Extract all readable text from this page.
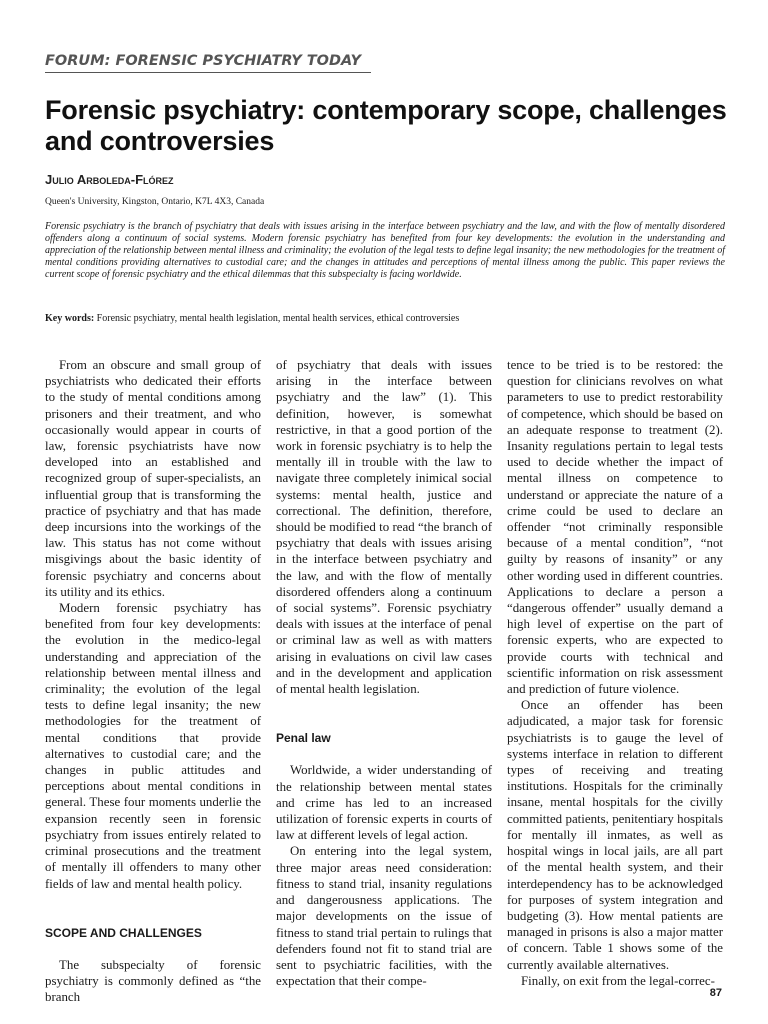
FORUM: FORENSIC PSYCHIATRY TODAY
Forensic psychiatry: contemporary scope, challenges and controversies
Julio Arboleda-Flórez
Queen's University, Kingston, Ontario, K7L 4X3, Canada

Forensic psychiatry is the branch of psychiatry that deals with issues arising in the interface between psychiatry and the law, and with the flow of mentally disordered offenders along a continuum of social systems. Modern forensic psychiatry has benefited from four key developments: the evolution in the understanding and appreciation of the relationship between mental illness and criminality; the evolution of the legal tests to define legal insanity; the new methodologies for the treatment of mental conditions providing alternatives to custodial care; and the changes in attitudes and perceptions of mental illness among the public. This paper reviews the current scope of forensic psychiatry and the ethical dilemmas that this subspecialty is facing worldwide.

Key words: Forensic psychiatry, mental health legislation, mental health services, ethical controversies

From an obscure and small group of psychiatrists who dedicated their efforts to the study of mental conditions among prisoners and their treatment, and who occasionally would appear in courts of law, forensic psychiatrists have now developed into an established and recognized group of super-specialists, an influential group that is transforming the practice of psychiatry and that has made deep incursions into the workings of the law. This status has not come without misgivings about the basic identity of forensic psychiatry and concerns about its utility and its ethics.

Modern forensic psychiatry has benefited from four key developments: the evolution in the medico-legal understanding and appreciation of the relationship between mental illness and criminality; the evolution of the legal tests to define legal insanity; the new methodologies for the treatment of mental conditions that provide alternatives to custodial care; and the changes in public attitudes and perceptions about mental conditions in general. These four moments underlie the expansion recently seen in forensic psychiatry from issues entirely related to criminal prosecutions and the treatment of mentally ill offenders to many other fields of law and mental health policy.

SCOPE AND CHALLENGES

The subspecialty of forensic psychiatry is commonly defined as “the branch

of psychiatry that deals with issues arising in the interface between psychiatry and the law” (1). This definition, however, is somewhat restrictive, in that a good portion of the work in forensic psychiatry is to help the mentally ill in trouble with the law to navigate three completely inimical social systems: mental health, justice and correctional. The definition, therefore, should be modified to read “the branch of psychiatry that deals with issues arising in the interface between psychiatry and the law, and with the flow of mentally disordered offenders along a continuum of social systems”. Forensic psychiatry deals with issues at the interface of penal or criminal law as well as with matters arising in evaluations on civil law cases and in the development and application of mental health legislation.

Penal law

Worldwide, a wider understanding of the relationship between mental states and crime has led to an increased utilization of forensic experts in courts of law at different levels of legal action.

On entering into the legal system, three major areas need consideration: fitness to stand trial, insanity regulations and dangerousness applications. The major developments on the issue of fitness to stand trial pertain to rulings that defenders found not fit to stand trial are sent to psychiatric facilities, with the expectation that their compe-

tence to be tried is to be restored: the question for clinicians revolves on what parameters to use to predict restorability of competence, which should be based on an adequate response to treatment (2). Insanity regulations pertain to legal tests used to decide whether the impact of mental illness on competence to understand or appreciate the nature of a crime could be used to declare an offender “not criminally responsible because of a mental condition”, “not guilty by reasons of insanity” or any other wording used in different countries. Applications to declare a person a “dangerous offender” usually demand a high level of expertise on the part of forensic experts, who are expected to provide courts with technical and scientific information on risk assessment and prediction of future violence.

Once an offender has been adjudicated, a major task for forensic psychiatrists is to gauge the level of systems interface in relation to different types of receiving and treating institutions. Hospitals for the criminally insane, mental hospitals for the civilly committed patients, penitentiary hospitals for mentally ill inmates, as well as hospital wings in local jails, are all part of the mental health system, and their interdependency has to be acknowledged for purposes of system integration and budgeting (3). How mental patients are managed in prisons is also a major matter of concern. Table 1 shows some of the currently available alternatives.

Finally, on exit from the legal-correc-

87
